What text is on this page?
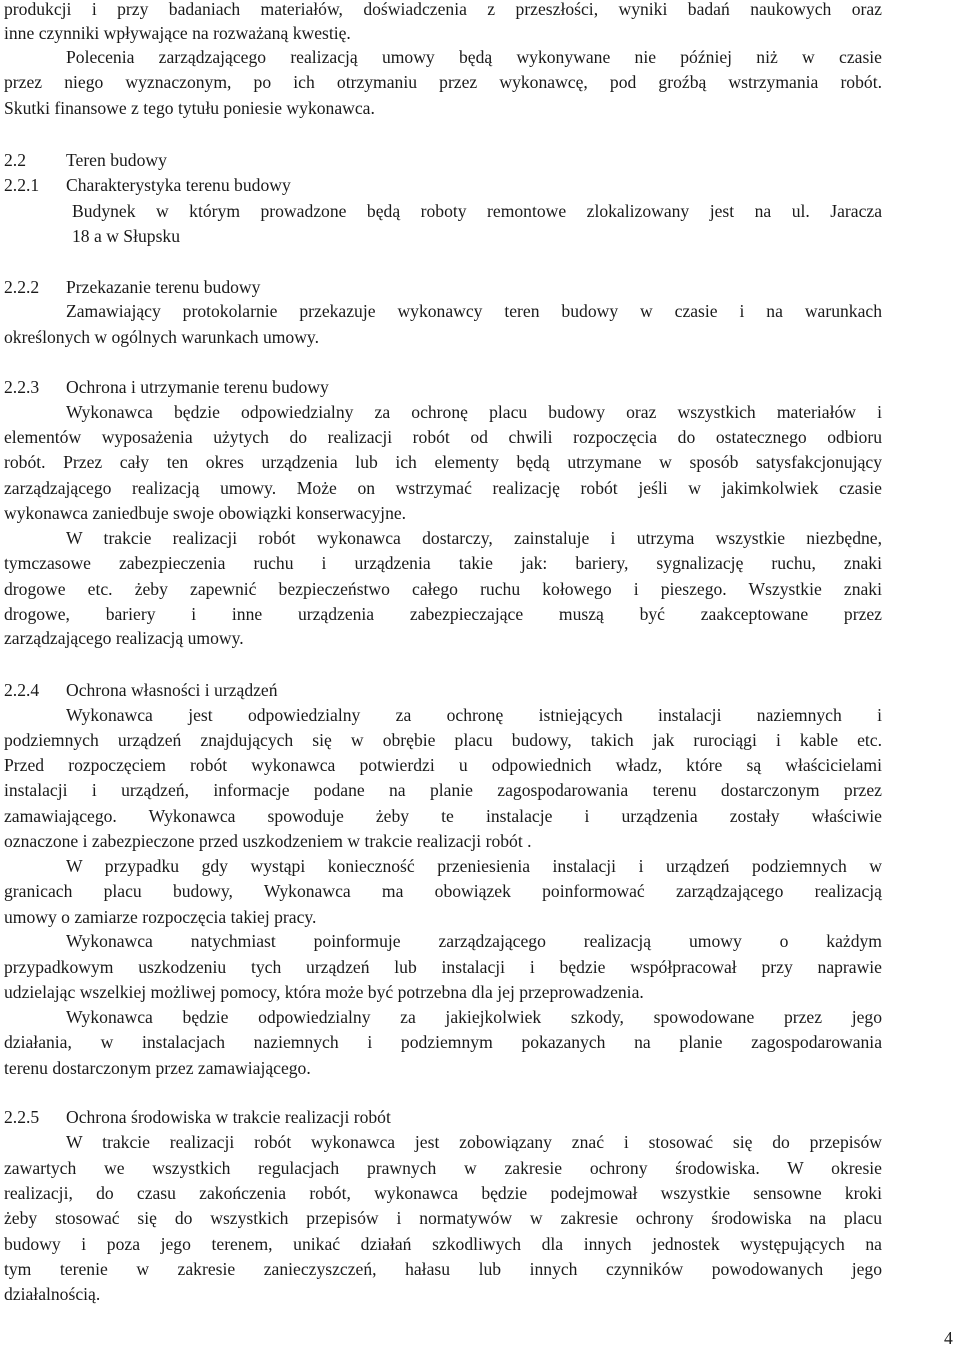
produkcji i przy badaniach materiałów, doświadczenia z przeszłości, wyniki badań naukowych oraz
inne czynniki wpływające na rozważaną kwestię.
Polecenia zarządzającego realizacją umowy będą wykonywane nie później niż w czasie
przez niego wyznaczonym, po ich otrzymaniu przez wykonawcę, pod groźbą wstrzymania robót.
Skutki finansowe z tego tytułu poniesie wykonawca.
2.2 Teren budowy
2.2.1 Charakterystyka terenu budowy
Budynek w którym prowadzone będą roboty remontowe zlokalizowany jest na ul. Jaracza
18 a w Słupsku
2.2.2 Przekazanie terenu budowy
Zamawiający protokolarnie przekazuje wykonawcy teren budowy w czasie i na warunkach
określonych w ogólnych warunkach umowy.
2.2.3 Ochrona i utrzymanie terenu budowy
Wykonawca będzie odpowiedzialny za ochronę placu budowy oraz wszystkich materiałów i
elementów wyposażenia użytych do realizacji robót od chwili rozpoczęcia do ostatecznego odbioru
robót. Przez cały ten okres urządzenia lub ich elementy będą utrzymane w sposób satysfakcjonujący
zarządzającego realizacją umowy. Może on wstrzymać realizację robót jeśli w jakimkolwiek czasie
wykonawca zaniedbuje swoje obowiązki konserwacyjne.
W trakcie realizacji robót wykonawca dostarczy, zainstaluje i utrzyma wszystkie niezbędne,
tymczasowe zabezpieczenia ruchu i urządzenia takie jak: bariery, sygnalizację ruchu, znaki
drogowe etc. żeby zapewnić bezpieczeństwo całego ruchu kołowego i pieszego. Wszystkie znaki
drogowe, bariery i inne urządzenia zabezpieczające muszą być zaakceptowane przez
zarządzającego realizacją umowy.
2.2.4 Ochrona własności i urządzeń
Wykonawca jest odpowiedzialny za ochronę istniejących instalacji naziemnych i
podziemnych urządzeń znajdujących się w obrębie placu budowy, takich jak rurociągi i kable etc.
Przed rozpoczęciem robót wykonawca potwierdzi u odpowiednich władz, które są właścicielami
instalacji i urządzeń, informacje podane na planie zagospodarowania terenu dostarczonym przez
zamawiającego. Wykonawca spowoduje żeby te instalacje i urządzenia zostały właściwie
oznaczone i zabezpieczone przed uszkodzeniem w trakcie realizacji robót .
W przypadku gdy wystąpi konieczność przeniesienia instalacji i urządzeń podziemnych w
granicach placu budowy, Wykonawca ma obowiązek poinformować zarządzającego realizacją
umowy o zamiarze rozpoczęcia takiej pracy.
Wykonawca natychmiast poinformuje zarządzającego realizacją umowy o każdym
przypadkowym uszkodzeniu tych urządzeń lub instalacji i będzie współpracował przy naprawie
udzielając wszelkiej możliwej pomocy, która może być potrzebna dla jej przeprowadzenia.
Wykonawca będzie odpowiedzialny za jakiejkolwiek szkody, spowodowane przez jego
działania, w instalacjach naziemnych i podziemnym pokazanych na planie zagospodarowania
terenu dostarczonym przez zamawiającego.
2.2.5 Ochrona środowiska w trakcie realizacji robót
W trakcie realizacji robót wykonawca jest zobowiązany znać i stosować się do przepisów
zawartych we wszystkich regulacjach prawnych w zakresie ochrony środowiska. W okresie
realizacji, do czasu zakończenia robót, wykonawca będzie podejmował wszystkie sensowne kroki
żeby stosować się do wszystkich przepisów i normatywów w zakresie ochrony środowiska na placu
budowy i poza jego terenem, unikać działań szkodliwych dla innych jednostek występujących na
tym terenie w zakresie zanieczyszczeń, hałasu lub innych czynników powodowanych jego
działalnością.
4
